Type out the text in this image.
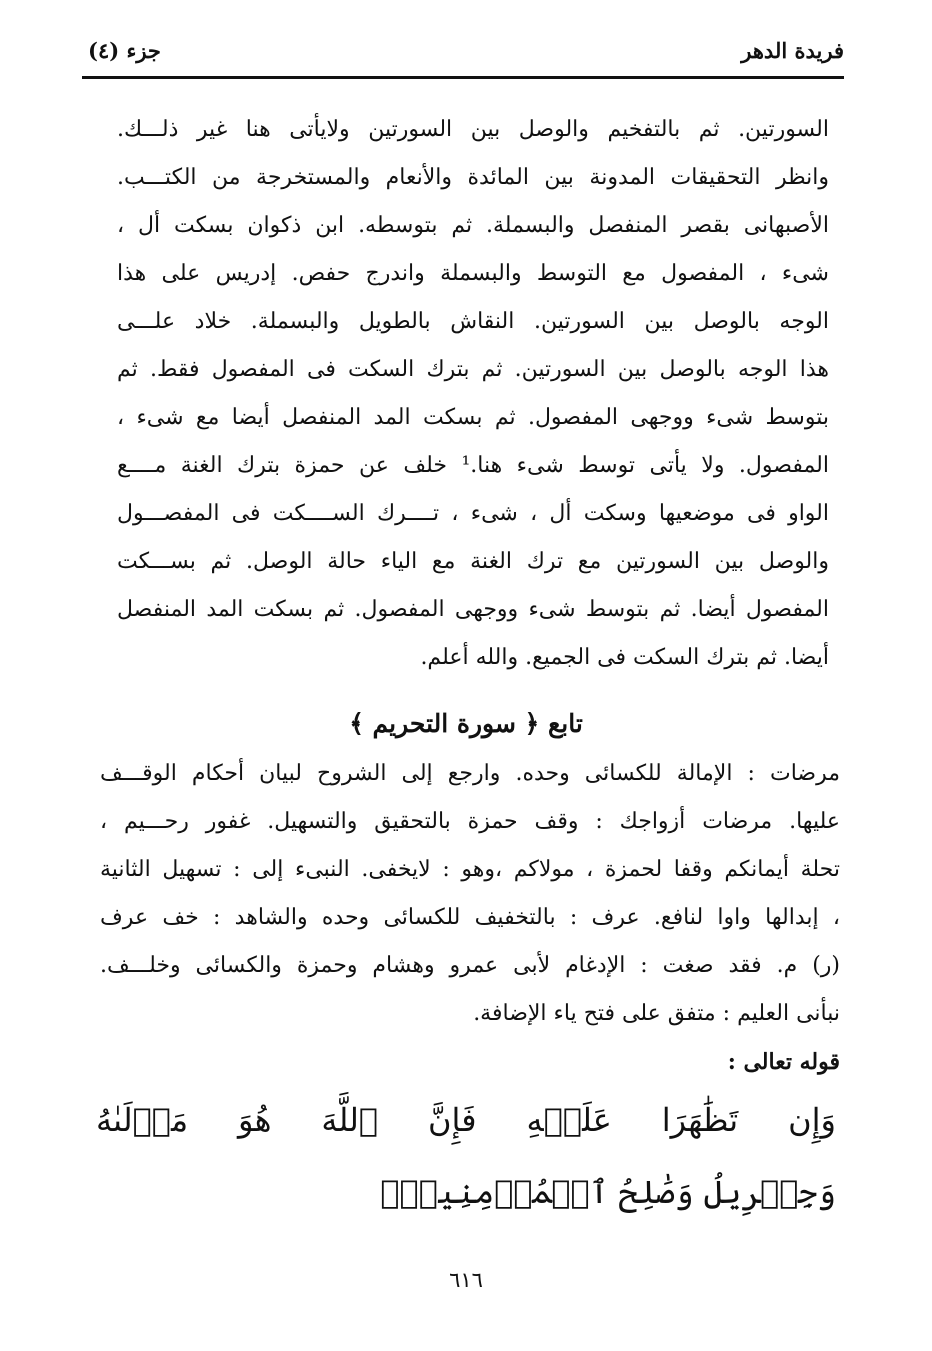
فريدة الدهر
جزء (٤)
السورتين. ثم بالتفخيم والوصل بين السورتين ولايأتى هنا غير ذلـــك.
وانظر التحقيقات المدونة بين المائدة والأنعام والمستخرجة من الكتـــب.
الأصبهانى بقصر المنفصل والبسملة. ثم بتوسطه. ابن ذكوان بسكت أل ،
شىء ، المفصول مع التوسط والبسملة واندرج حفص. إدريس على هذا
الوجه بالوصل بين السورتين. النقاش بالطويل والبسملة. خلاد علـــى
هذا الوجه بالوصل بين السورتين. ثم بترك السكت فى المفصول فقط. ثم
بتوسط شىء ووجهى المفصول. ثم بسكت المد المنفصل أيضا مع شىء ،
المفصول. ولا يأتى توسط شىء هنا.¹ خلف عن حمزة بترك الغنة مــــع
الواو فى موضعيها وسكت أل ، شىء ، تــــرك الســــكت فى المفصـــول
والوصل بين السورتين مع ترك الغنة مع الياء حالة الوصل. ثم بســـكت
المفصول أيضا. ثم بتوسط شىء ووجهى المفصول. ثم بسكت المد المنفصل
أيضا. ثم بترك السكت فى الجميع. والله أعلم.
تابع ﴿ سورة التحريم ﴾
مرضات : الإمالة للكسائى وحده. وارجع إلى الشروح لبيان أحكام الوقـــف
عليها. مرضات أزواجك : وقف حمزة بالتحقيق والتسهيل. غفور رحـــيم ،
تحلة أيمانكم وقفا لحمزة ، مولاكم ،وهو : لايخفى. النبىء إلى : تسهيل الثانية
، إبدالها واوا لنافع. عرف : بالتخفيف للكسائى وحده والشاهد : خف عرف
(ر) م. فقد صغت : الإدغام لأبى عمرو وهشام وحمزة والكسائى وخلـــف.
نبأنى العليم : متفق على فتح ياء الإضافة.
قوله تعالى :
وَإِن تَظَٰهَرَا عَلَيۡهِ فَإِنَّ ٱللَّهَ هُوَ مَوۡلَىٰهُ
وَجِبۡرِيلُ وَصَٰلِحُ ٱلۡمُؤۡمِنِينَۖ
٦١٦
